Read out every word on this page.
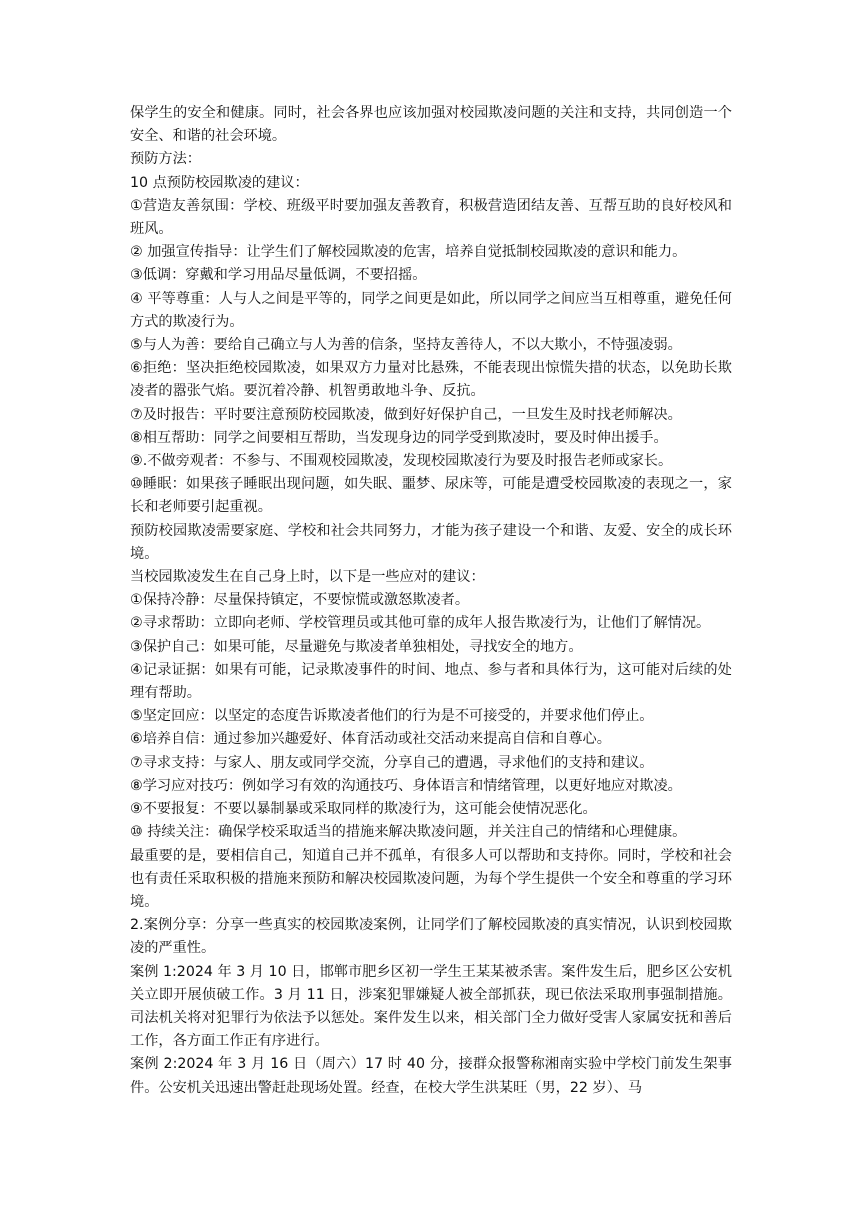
保学生的安全和健康。同时，社会各界也应该加强对校园欺凌问题的关注和支持，共同创造一个安全、和谐的社会环境。

预防方法：

10 点预防校园欺凌的建议：

①营造友善氛围：学校、班级平时要加强友善教育，积极营造团结友善、互帮互助的良好校风和班风。

② 加强宣传指导：让学生们了解校园欺凌的危害，培养自觉抵制校园欺凌的意识和能力。

③低调：穿戴和学习用品尽量低调，不要招摇。

④ 平等尊重：人与人之间是平等的，同学之间更是如此，所以同学之间应当互相尊重，避免任何方式的欺凌行为。

⑤与人为善：要给自己确立与人为善的信条，坚持友善待人，不以大欺小，不恃强凌弱。

⑥拒绝：坚决拒绝校园欺凌，如果双方力量对比悬殊，不能表现出惊慌失措的状态，以免助长欺凌者的嚣张气焰。要沉着冷静、机智勇敢地斗争、反抗。

⑦及时报告：平时要注意预防校园欺凌，做到好好保护自己，一旦发生及时找老师解决。

⑧相互帮助：同学之间要相互帮助，当发现身边的同学受到欺凌时，要及时伸出援手。

⑨.不做旁观者：不参与、不围观校园欺凌，发现校园欺凌行为要及时报告老师或家长。

⑩睡眠：如果孩子睡眠出现问题，如失眠、噩梦、尿床等，可能是遭受校园欺凌的表现之一，家长和老师要引起重视。

预防校园欺凌需要家庭、学校和社会共同努力，才能为孩子建设一个和谐、友爱、安全的成长环境。

当校园欺凌发生在自己身上时，以下是一些应对的建议：

①保持冷静：尽量保持镇定，不要惊慌或激怒欺凌者。

②寻求帮助：立即向老师、学校管理员或其他可靠的成年人报告欺凌行为，让他们了解情况。

③保护自己：如果可能，尽量避免与欺凌者单独相处，寻找安全的地方。

④记录证据：如果有可能，记录欺凌事件的时间、地点、参与者和具体行为，这可能对后续的处理有帮助。

⑤坚定回应：以坚定的态度告诉欺凌者他们的行为是不可接受的，并要求他们停止。

⑥培养自信：通过参加兴趣爱好、体育活动或社交活动来提高自信和自尊心。

⑦寻求支持：与家人、朋友或同学交流，分享自己的遭遇，寻求他们的支持和建议。

⑧学习应对技巧：例如学习有效的沟通技巧、身体语言和情绪管理，以更好地应对欺凌。

⑨不要报复：不要以暴制暴或采取同样的欺凌行为，这可能会使情况恶化。

⑩ 持续关注：确保学校采取适当的措施来解决欺凌问题，并关注自己的情绪和心理健康。

最重要的是，要相信自己，知道自己并不孤单，有很多人可以帮助和支持你。同时，学校和社会也有责任采取积极的措施来预防和解决校园欺凌问题，为每个学生提供一个安全和尊重的学习环境。

2.案例分享：分享一些真实的校园欺凌案例，让同学们了解校园欺凌的真实情况，认识到校园欺凌的严重性。

案例 1:2024 年 3 月 10 日，邯郸市肥乡区初一学生王某某被杀害。案件发生后，肥乡区公安机关立即开展侦破工作。3 月 11 日，涉案犯罪嫌疑人被全部抓获，现已依法采取刑事强制措施。司法机关将对犯罪行为依法予以惩处。案件发生以来，相关部门全力做好受害人家属安抚和善后工作，各方面工作正有序进行。

案例 2:2024 年 3 月 16 日（周六）17 时 40 分，接群众报警称湘南实验中学校门前发生架事件。公安机关迅速出警赶赴现场处置。经查，在校大学生洪某旺（男，22 岁）、马
